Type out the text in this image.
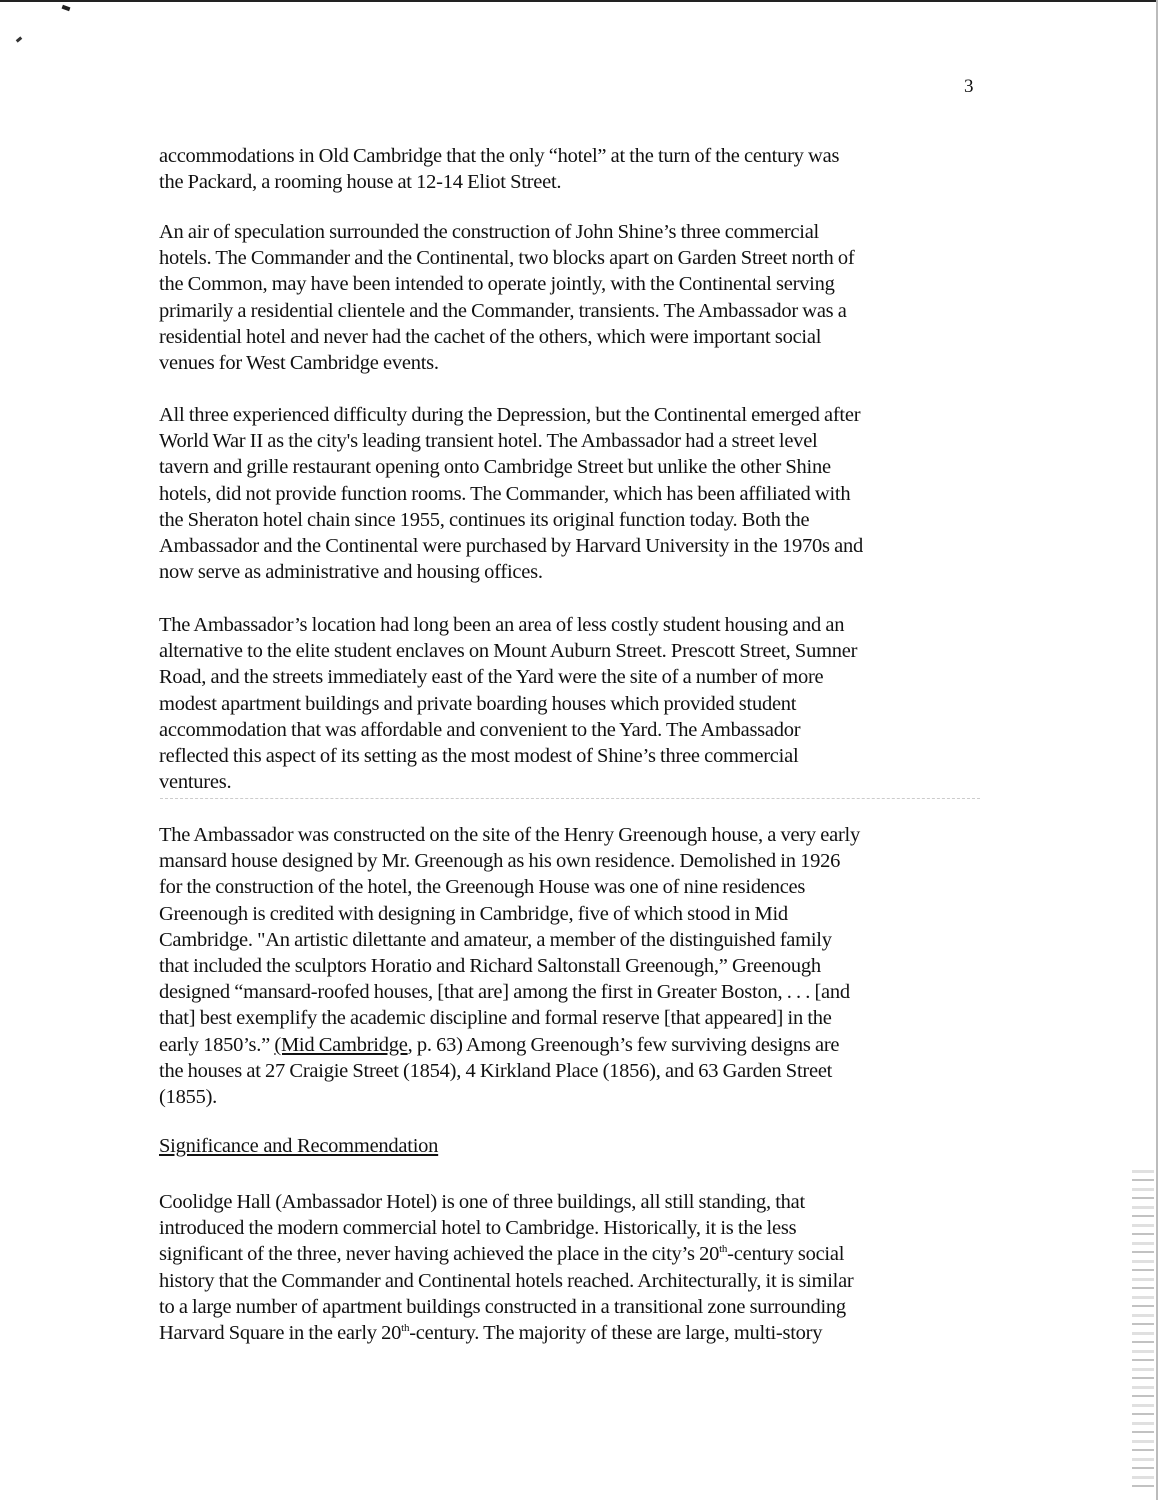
3
accommodations in Old Cambridge that the only “hotel” at the turn of the century was
the Packard, a rooming house at 12-14 Eliot Street.
An air of speculation surrounded the construction of John Shine’s three commercial
hotels. The Commander and the Continental, two blocks apart on Garden Street north of
the Common, may have been intended to operate jointly, with the Continental serving
primarily a residential clientele and the Commander, transients. The Ambassador was a
residential hotel and never had the cachet of the others, which were important social
venues for West Cambridge events.
All three experienced difficulty during the Depression, but the Continental emerged after
World War II as the city's leading transient hotel. The Ambassador had a street level
tavern and grille restaurant opening onto Cambridge Street but unlike the other Shine
hotels, did not provide function rooms. The Commander, which has been affiliated with
the Sheraton hotel chain since 1955, continues its original function today. Both the
Ambassador and the Continental were purchased by Harvard University in the 1970s and
now serve as administrative and housing offices.
The Ambassador’s location had long been an area of less costly student housing and an
alternative to the elite student enclaves on Mount Auburn Street. Prescott Street, Sumner
Road, and the streets immediately east of the Yard were the site of a number of more
modest apartment buildings and private boarding houses which provided student
accommodation that was affordable and convenient to the Yard. The Ambassador
reflected this aspect of its setting as the most modest of Shine’s three commercial
ventures.
The Ambassador was constructed on the site of the Henry Greenough house, a very early
mansard house designed by Mr. Greenough as his own residence. Demolished in 1926
for the construction of the hotel, the Greenough House was one of nine residences
Greenough is credited with designing in Cambridge, five of which stood in Mid
Cambridge. "An artistic dilettante and amateur, a member of the distinguished family
that included the sculptors Horatio and Richard Saltonstall Greenough,” Greenough
designed “mansard-roofed houses, [that are] among the first in Greater Boston, . . . [and
that] best exemplify the academic discipline and formal reserve [that appeared] in the
early 1850’s.” (Mid Cambridge, p. 63) Among Greenough’s few surviving designs are
the houses at 27 Craigie Street (1854), 4 Kirkland Place (1856), and 63 Garden Street
(1855).
Significance and Recommendation
Coolidge Hall (Ambassador Hotel) is one of three buildings, all still standing, that
introduced the modern commercial hotel to Cambridge. Historically, it is the less
significant of the three, never having achieved the place in the city’s 20th-century social
history that the Commander and Continental hotels reached. Architecturally, it is similar
to a large number of apartment buildings constructed in a transitional zone surrounding
Harvard Square in the early 20th-century. The majority of these are large, multi-story
